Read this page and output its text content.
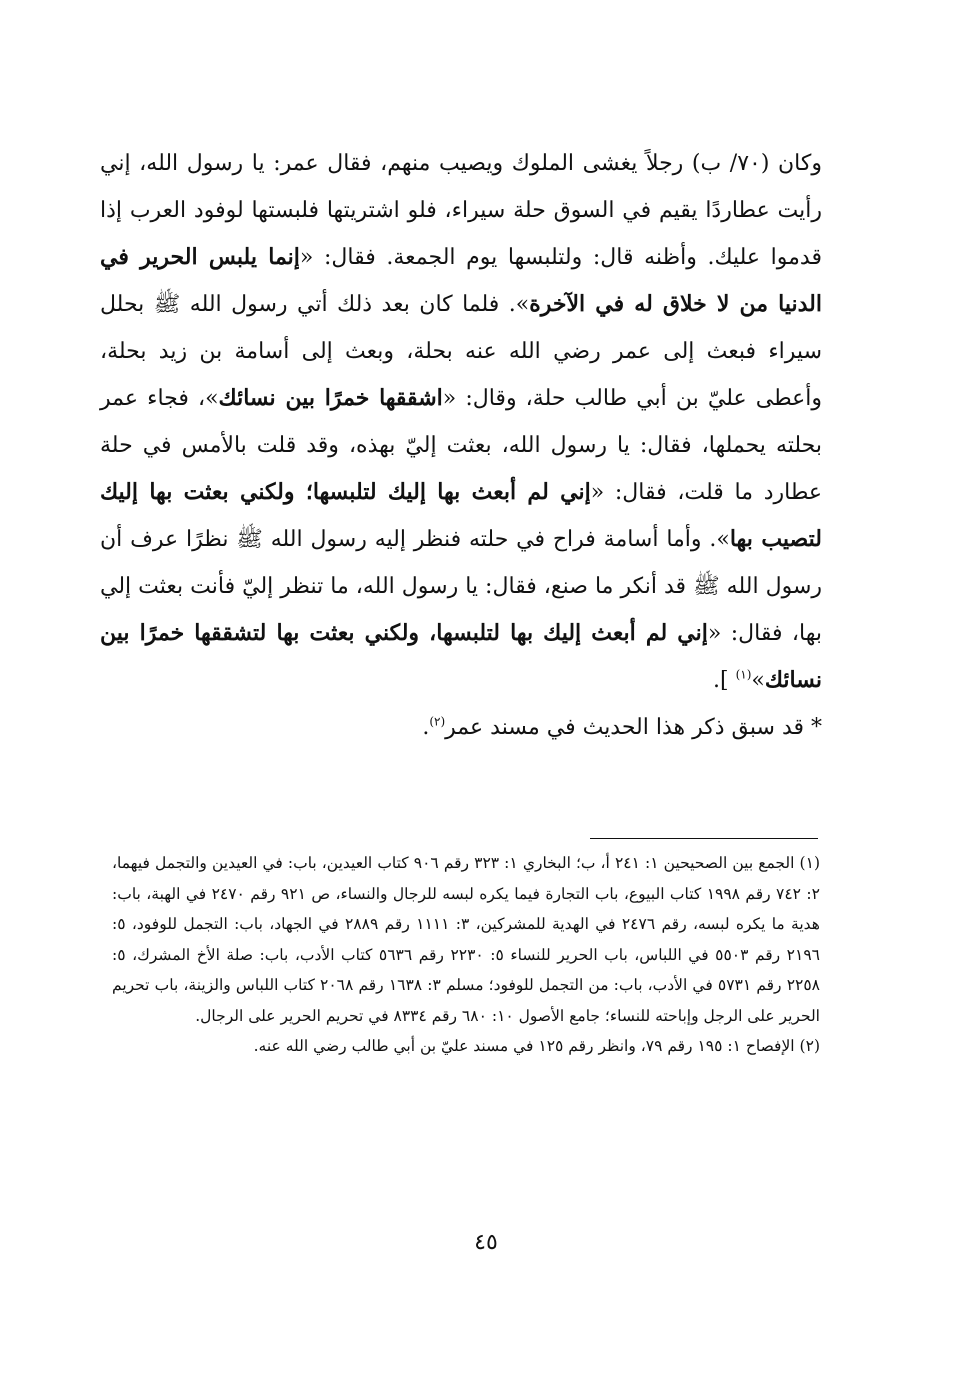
وكان (٧٠/ ب) رجلاً يغشى الملوك ويصيب منهم، فقال عمر: يا رسول الله، إني رأيت عطاردًا يقيم في السوق حلة سيراء، فلو اشتريتها فلبستها لوفود العرب إذا قدموا عليك. وأظنه قال: ولتلبسها يوم الجمعة. فقال: «إنما يلبس الحرير في الدنيا من لا خلاق له في الآخرة». فلما كان بعد ذلك أتي رسول الله ﷺ بحلل سيراء فبعث إلى عمر رضي الله عنه بحلة، وبعث إلى أسامة بن زيد بحلة، وأعطى عليّ بن أبي طالب حلة، وقال: «اشققها خمرًا بين نسائك»، فجاء عمر بحلته يحملها، فقال: يا رسول الله، بعثت إليّ بهذه، وقد قلت بالأمس في حلة عطارد ما قلت، فقال: «إني لم أبعث بها إليك لتلبسها؛ ولكني بعثت بها إليك لتصيب بها». وأما أسامة فراح في حلته فنظر إليه رسول الله ﷺ نظرًا عرف أن رسول الله ﷺ قد أنكر ما صنع، فقال: يا رسول الله، ما تنظر إليّ فأنت بعثت إلي بها، فقال: «إني لم أبعث إليك بها لتلبسها، ولكني بعثت بها لتشققها خمرًا بين نسائك»$^{(١)}$ ].

* قد سبق ذكر هذا الحديث في مسند عمر$^{(٢)}$.

(١) الجمع بين الصحيحين ١: ٢٤١ أ، ب؛ البخاري ١: ٣٢٣ رقم ٩٠٦ كتاب العيدين، باب: في العيدين والتجمل فيهما، ٢: ٧٤٢ رقم ١٩٩٨ كتاب البيوع، باب التجارة فيما يكره لبسه للرجال والنساء، ص ٩٢١ رقم ٢٤٧٠ في الهبة، باب: هدية ما يكره لبسه، رقم ٢٤٧٦ في الهدية للمشركين، ٣: ١١١١ رقم ٢٨٨٩ في الجهاد، باب: التجمل للوفود، ٥: ٢١٩٦ رقم ٥٥٠٣ في اللباس، باب الحرير للنساء ٥: ٢٢٣٠ رقم ٥٦٣٦ كتاب الأدب، باب: صلة الأخ المشرك، ٥: ٢٢٥٨ رقم ٥٧٣١ في الأدب، باب: من التجمل للوفود؛ مسلم ٣: ١٦٣٨ رقم ٢٠٦٨ كتاب اللباس والزينة، باب تحريم الحرير على الرجل وإباحته للنساء؛ جامع الأصول ١٠: ٦٨٠ رقم ٨٣٣٤ في تحريم الحرير على الرجال.

(٢) الإفصاح ١: ١٩٥ رقم ٧٩، وانظر رقم ١٢٥ في مسند عليّ بن أبي طالب رضي الله عنه.

٤٥
